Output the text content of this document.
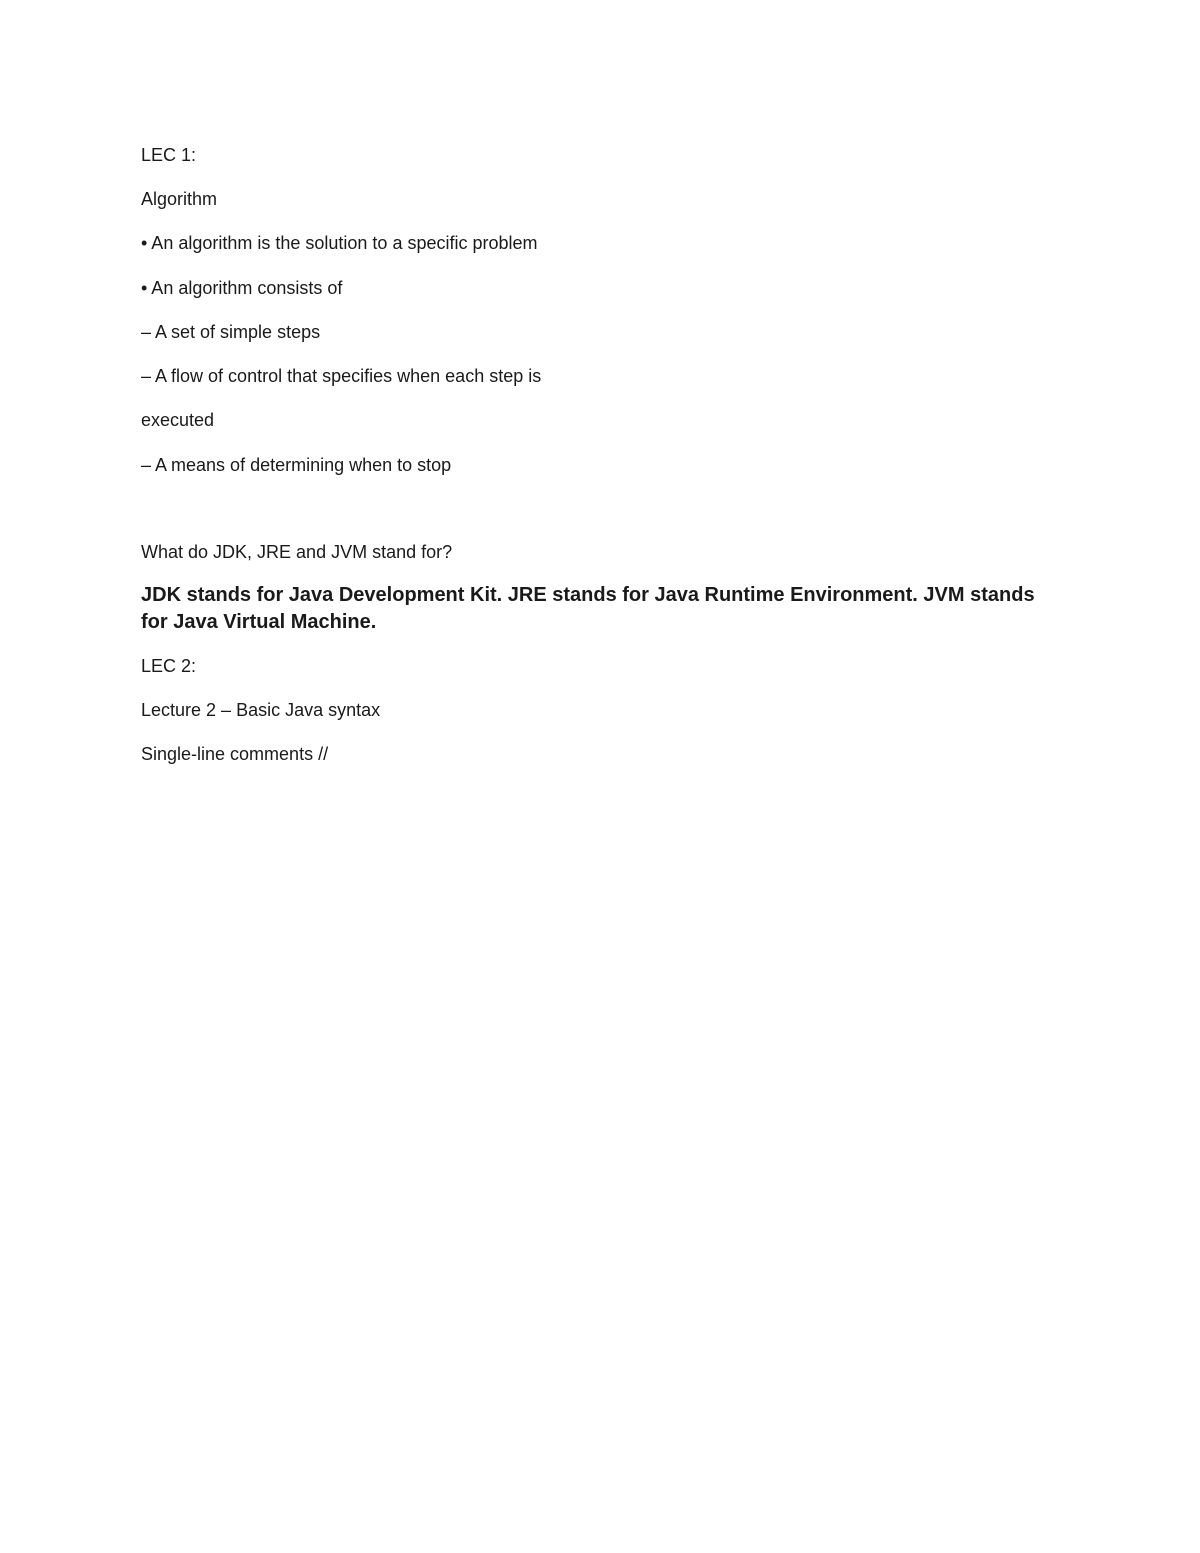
LEC 1:

Algorithm

• An algorithm is the solution to a specific problem

• An algorithm consists of

– A set of simple steps

– A flow of control that specifies when each step is

executed

– A means of determining when to stop

What do JDK, JRE and JVM stand for?

JDK stands for Java Development Kit. JRE stands for Java Runtime Environment. JVM stands for Java Virtual Machine.

LEC 2:

Lecture 2 – Basic Java syntax

Single-line comments //
